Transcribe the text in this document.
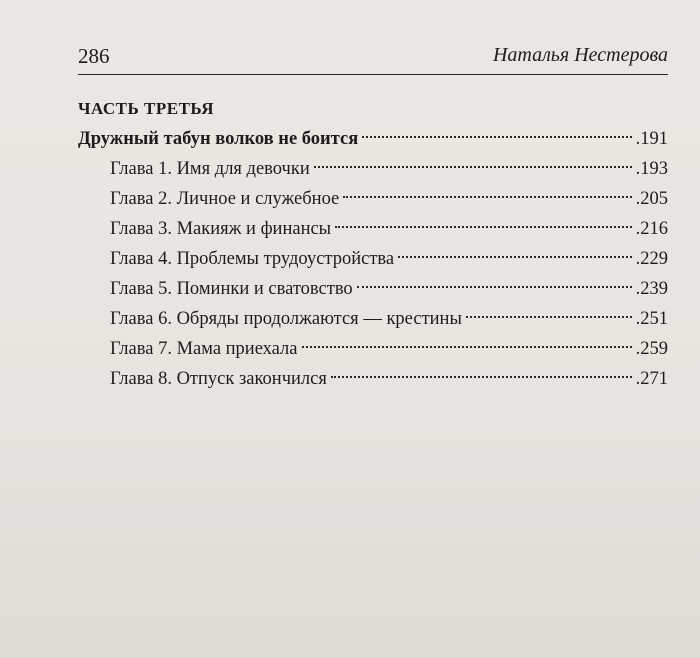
286	Наталья Нестерова
ЧАСТЬ ТРЕТЬЯ
Дружный табун волков не боится	.191
Глава 1. Имя для девочки	.193
Глава 2. Личное и служебное	.205
Глава 3. Макияж и финансы	.216
Глава 4. Проблемы трудоустройства	.229
Глава 5. Поминки и сватовство	.239
Глава 6. Обряды продолжаются — крестины	.251
Глава 7. Мама приехала	.259
Глава 8. Отпуск закончился	.271
